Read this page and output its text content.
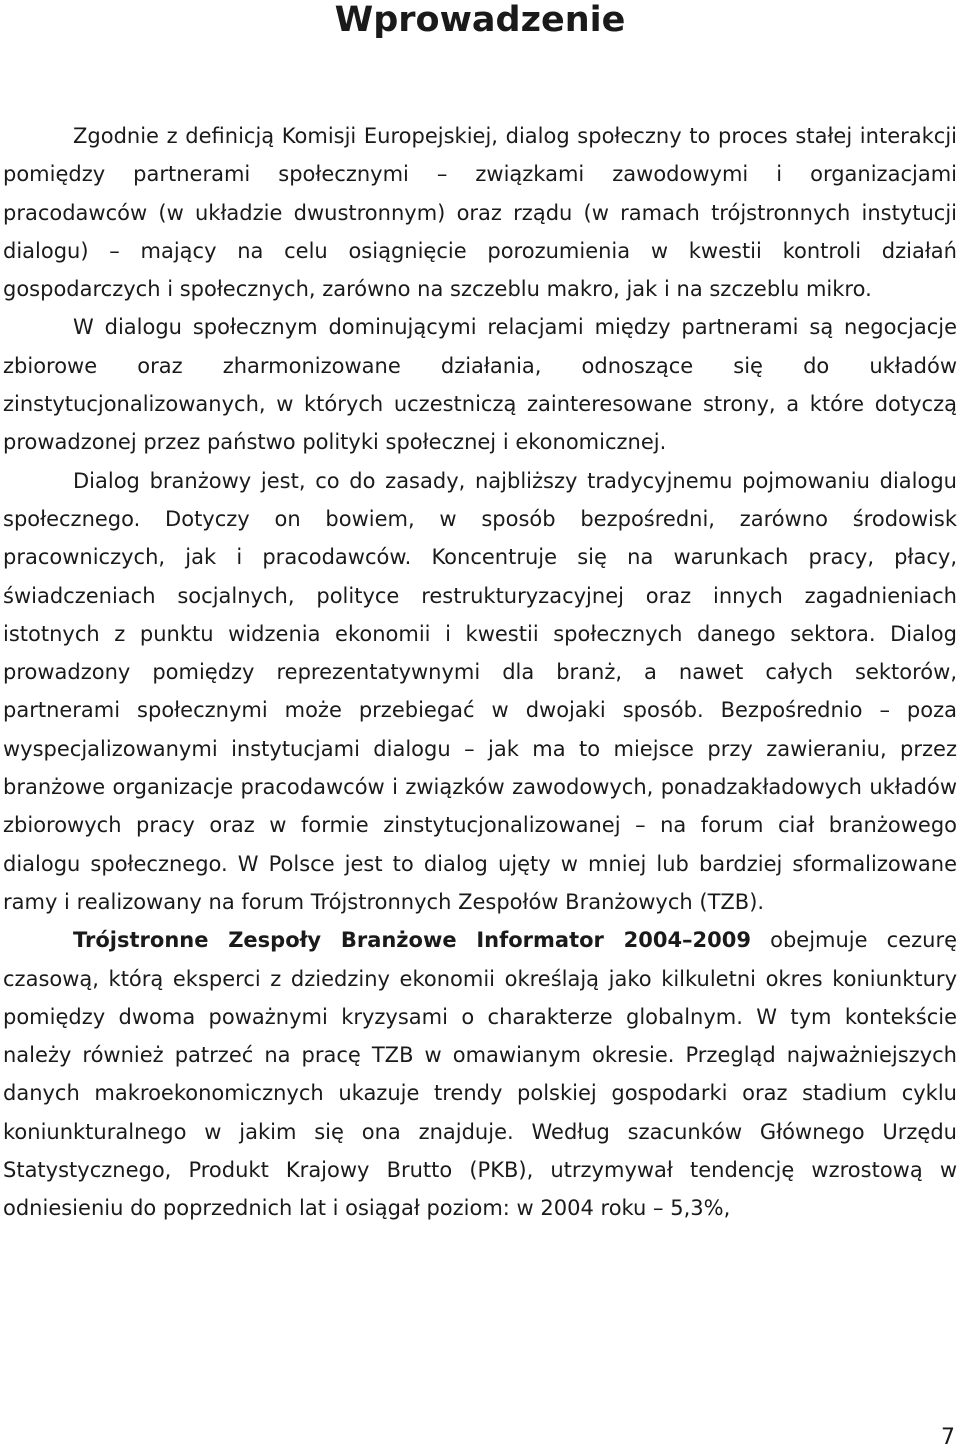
Wprowadzenie

Zgodnie z definicją Komisji Europejskiej, dialog społeczny to proces stałej interakcji pomiędzy partnerami społecznymi – związkami zawodowymi i organizacjami pracodawców (w układzie dwustronnym) oraz rządu (w ramach trójstronnych instytucji dialogu) – mający na celu osiągnięcie porozumienia w kwestii kontroli działań gospodarczych i społecznych, zarówno na szczeblu makro, jak i na szczeblu mikro.

W dialogu społecznym dominującymi relacjami między partnerami są negocjacje zbiorowe oraz zharmonizowane działania, odnoszące się do układów zinstytucjonalizowanych, w których uczestniczą zainteresowane strony, a które dotyczą prowadzonej przez państwo polityki społecznej i ekonomicznej.

Dialog branżowy jest, co do zasady, najbliższy tradycyjnemu pojmowaniu dialogu społecznego. Dotyczy on bowiem, w sposób bezpośredni, zarówno środowisk pracowniczych, jak i pracodawców. Koncentruje się na warunkach pracy, płacy, świadczeniach socjalnych, polityce restrukturyzacyjnej oraz innych zagadnieniach istotnych z punktu widzenia ekonomii i kwestii społecznych danego sektora. Dialog prowadzony pomiędzy reprezentatywnymi dla branż, a nawet całych sektorów, partnerami społecznymi może przebiegać w dwojaki sposób. Bezpośrednio – poza wyspecjalizowanymi instytucjami dialogu – jak ma to miejsce przy zawieraniu, przez branżowe organizacje pracodawców i związków zawodowych, ponadzakładowych układów zbiorowych pracy oraz w formie zinstytucjonalizowanej – na forum ciał branżowego dialogu społecznego. W Polsce jest to dialog ujęty w mniej lub bardziej sformalizowane ramy i realizowany na forum Trójstronnych Zespołów Branżowych (TZB).

Trójstronne Zespoły Branżowe Informator 2004–2009 obejmuje cezurę czasową, którą eksperci z dziedziny ekonomii określają jako kilkuletni okres koniunktury pomiędzy dwoma poważnymi kryzysami o charakterze globalnym. W tym kontekście należy również patrzeć na pracę TZB w omawianym okresie. Przegląd najważniejszych danych makroekonomicznych ukazuje trendy polskiej gospodarki oraz stadium cyklu koniunkturalnego w jakim się ona znajduje. Według szacunków Głównego Urzędu Statystycznego, Produkt Krajowy Brutto (PKB), utrzymywał tendencję wzrostową w odniesieniu do poprzednich lat i osiągał poziom: w 2004 roku – 5,3%,

7
